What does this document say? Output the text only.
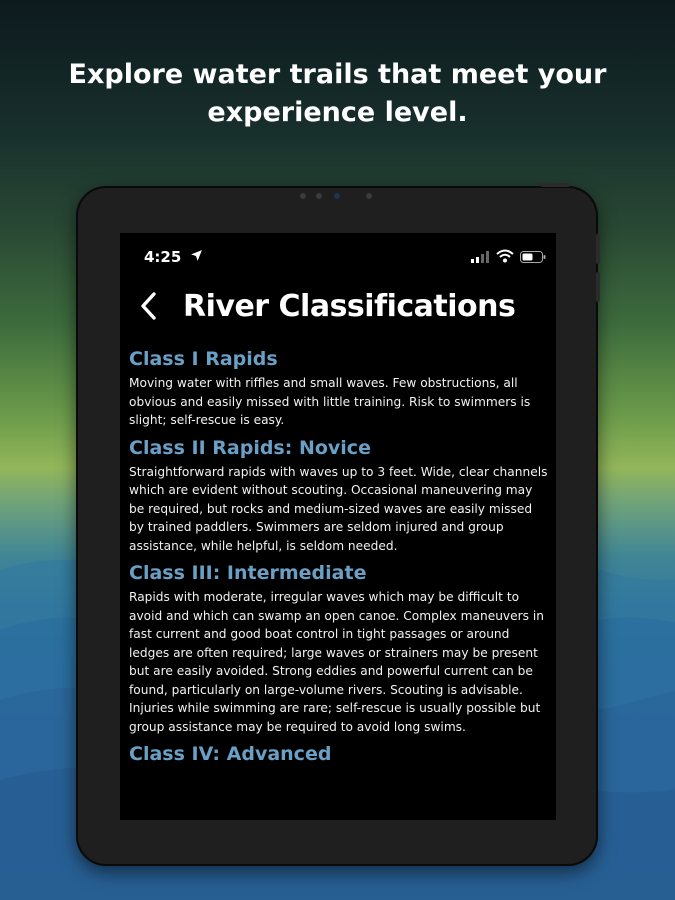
Explore water trails that meet your
experience level.
4:25
River Classifications
Class I Rapids
Moving water with riffles and small waves. Few obstructions, all obvious and easily missed with little training. Risk to swimmers is slight; self-rescue is easy.
Class II Rapids: Novice
Straightforward rapids with waves up to 3 feet. Wide, clear channels which are evident without scouting. Occasional maneuvering may be required, but rocks and medium-sized waves are easily missed by trained paddlers. Swimmers are seldom injured and group assistance, while helpful, is seldom needed.
Class III: Intermediate
Rapids with moderate, irregular waves which may be difficult to avoid and which can swamp an open canoe. Complex maneuvers in fast current and good boat control in tight passages or around ledges are often required; large waves or strainers may be present but are easily avoided. Strong eddies and powerful current can be found, particularly on large-volume rivers. Scouting is advisable. Injuries while swimming are rare; self-rescue is usually possible but group assistance may be required to avoid long swims.
Class IV: Advanced
